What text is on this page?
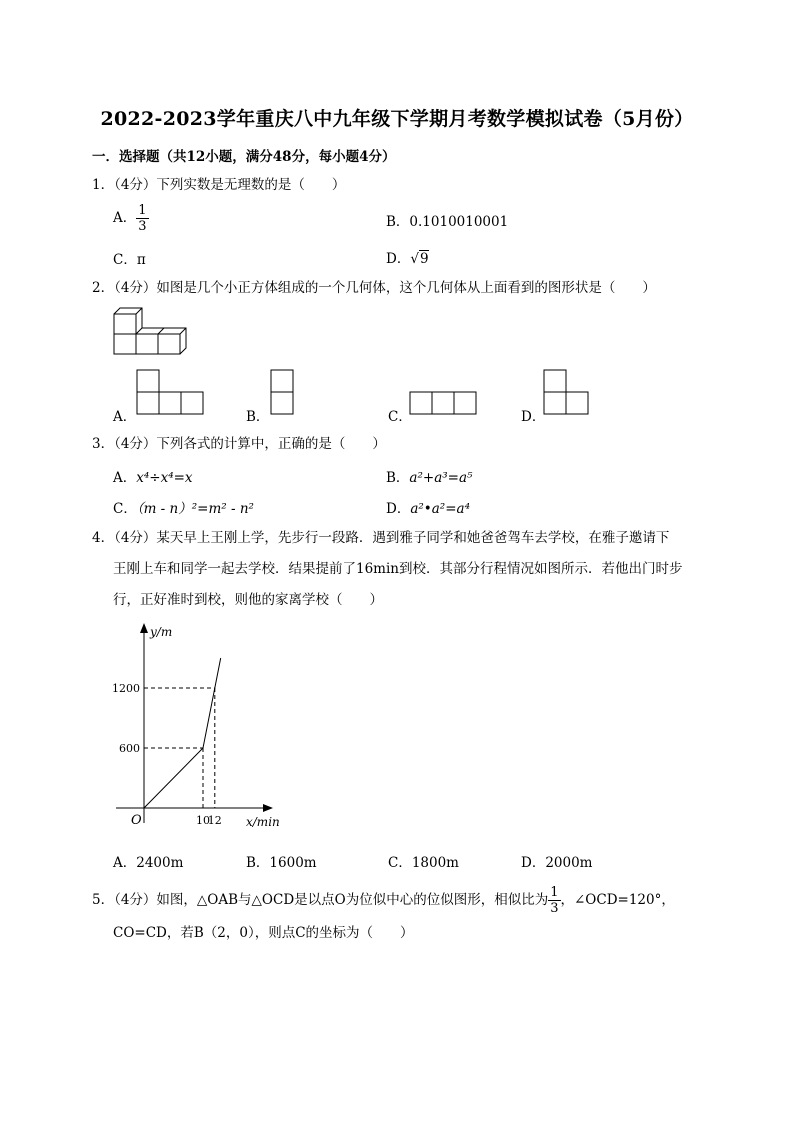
2022-2023学年重庆八中九年级下学期月考数学模拟试卷（5月份）
一．选择题（共12小题，满分48分，每小题4分）
1．（4分）下列实数是无理数的是（　　）
A． $\frac{1}{3}$	B．0.1010010001
C．π	D．√9
2．（4分）如图是几个小正方体组成的一个几何体，这个几何体从上面看到的图形状是（　　）
A．	B．	C．	D．
3．（4分）下列各式的计算中，正确的是（　　）
A．x⁴÷x⁴=x	B．a²+a³=a⁵
C．（m - n）²=m² - n²	D．a²•a²=a⁴
4．（4分）某天早上王刚上学，先步行一段路．遇到雅子同学和她爸爸驾车去学校，在雅子邀请下
王刚上车和同学一起去学校．结果提前了16min到校．其部分行程情况如图所示．若他出门时步
行，正好准时到校，则他的家离学校（　　）
y/m
x/min
O	10
12
600
1200
A．2400m	B．1600m	C．1800m	D．2000m
5．（4分）如图，△OAB与△OCD是以点O为位似中心的位似图形，相似比为 $\frac{1}{3}$ ，∠OCD=120°，
CO=CD，若B（2，0），则点C的坐标为（　　）
